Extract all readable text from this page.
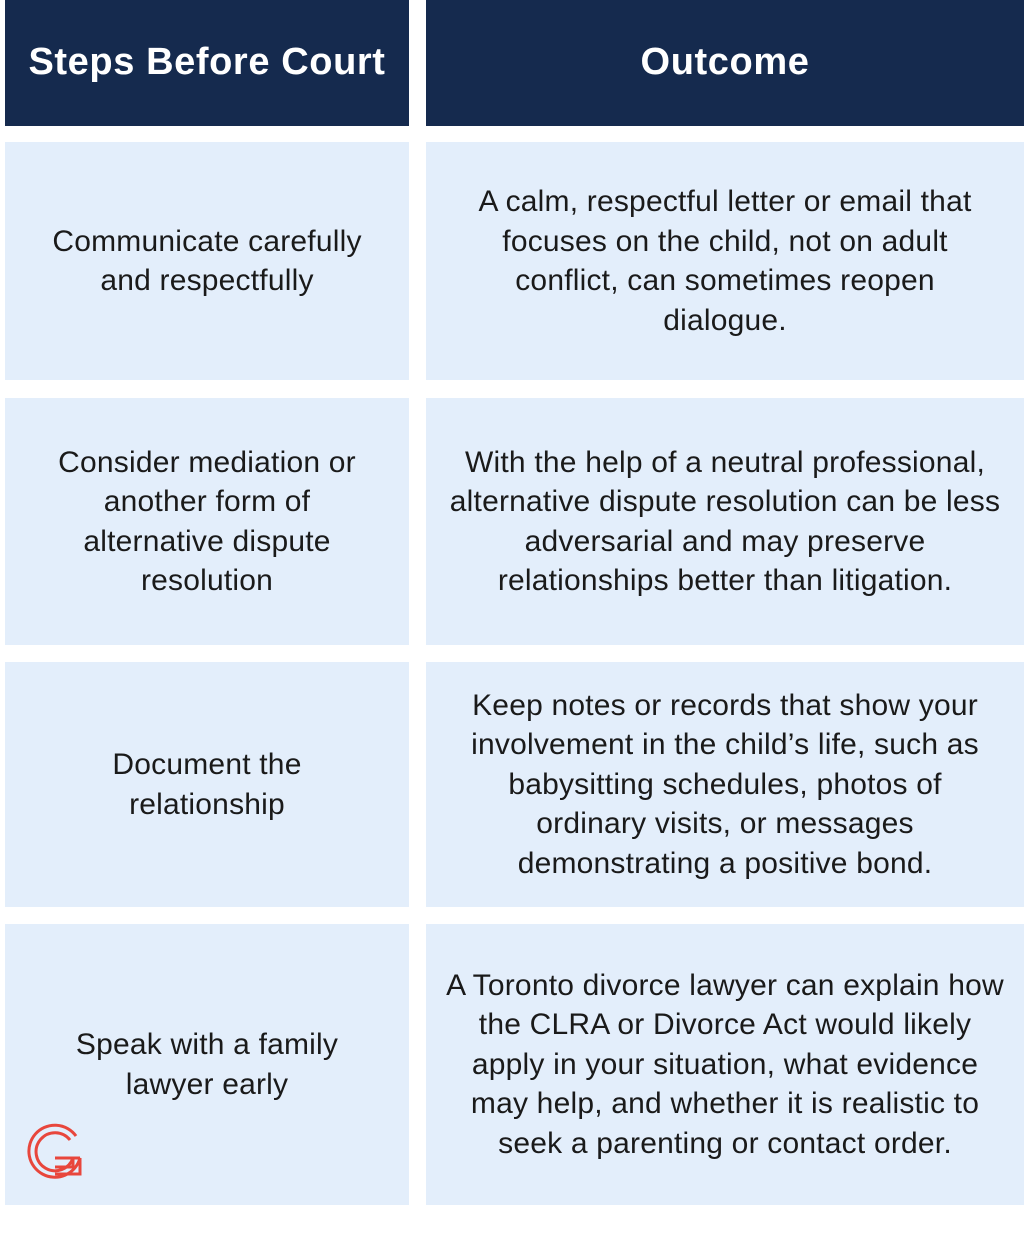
Steps Before Court	Outcome
Communicate carefully and respectfully
A calm, respectful letter or email that focuses on the child, not on adult conflict, can sometimes reopen dialogue.
Consider mediation or another form of alternative dispute resolution
With the help of a neutral professional, alternative dispute resolution can be less adversarial and may preserve relationships better than litigation.
Document the relationship
Keep notes or records that show your involvement in the child’s life, such as babysitting schedules, photos of ordinary visits, or messages demonstrating a positive bond.
Speak with a family lawyer early
A Toronto divorce lawyer can explain how the CLRA or Divorce Act would likely apply in your situation, what evidence may help, and whether it is realistic to seek a parenting or contact order.
